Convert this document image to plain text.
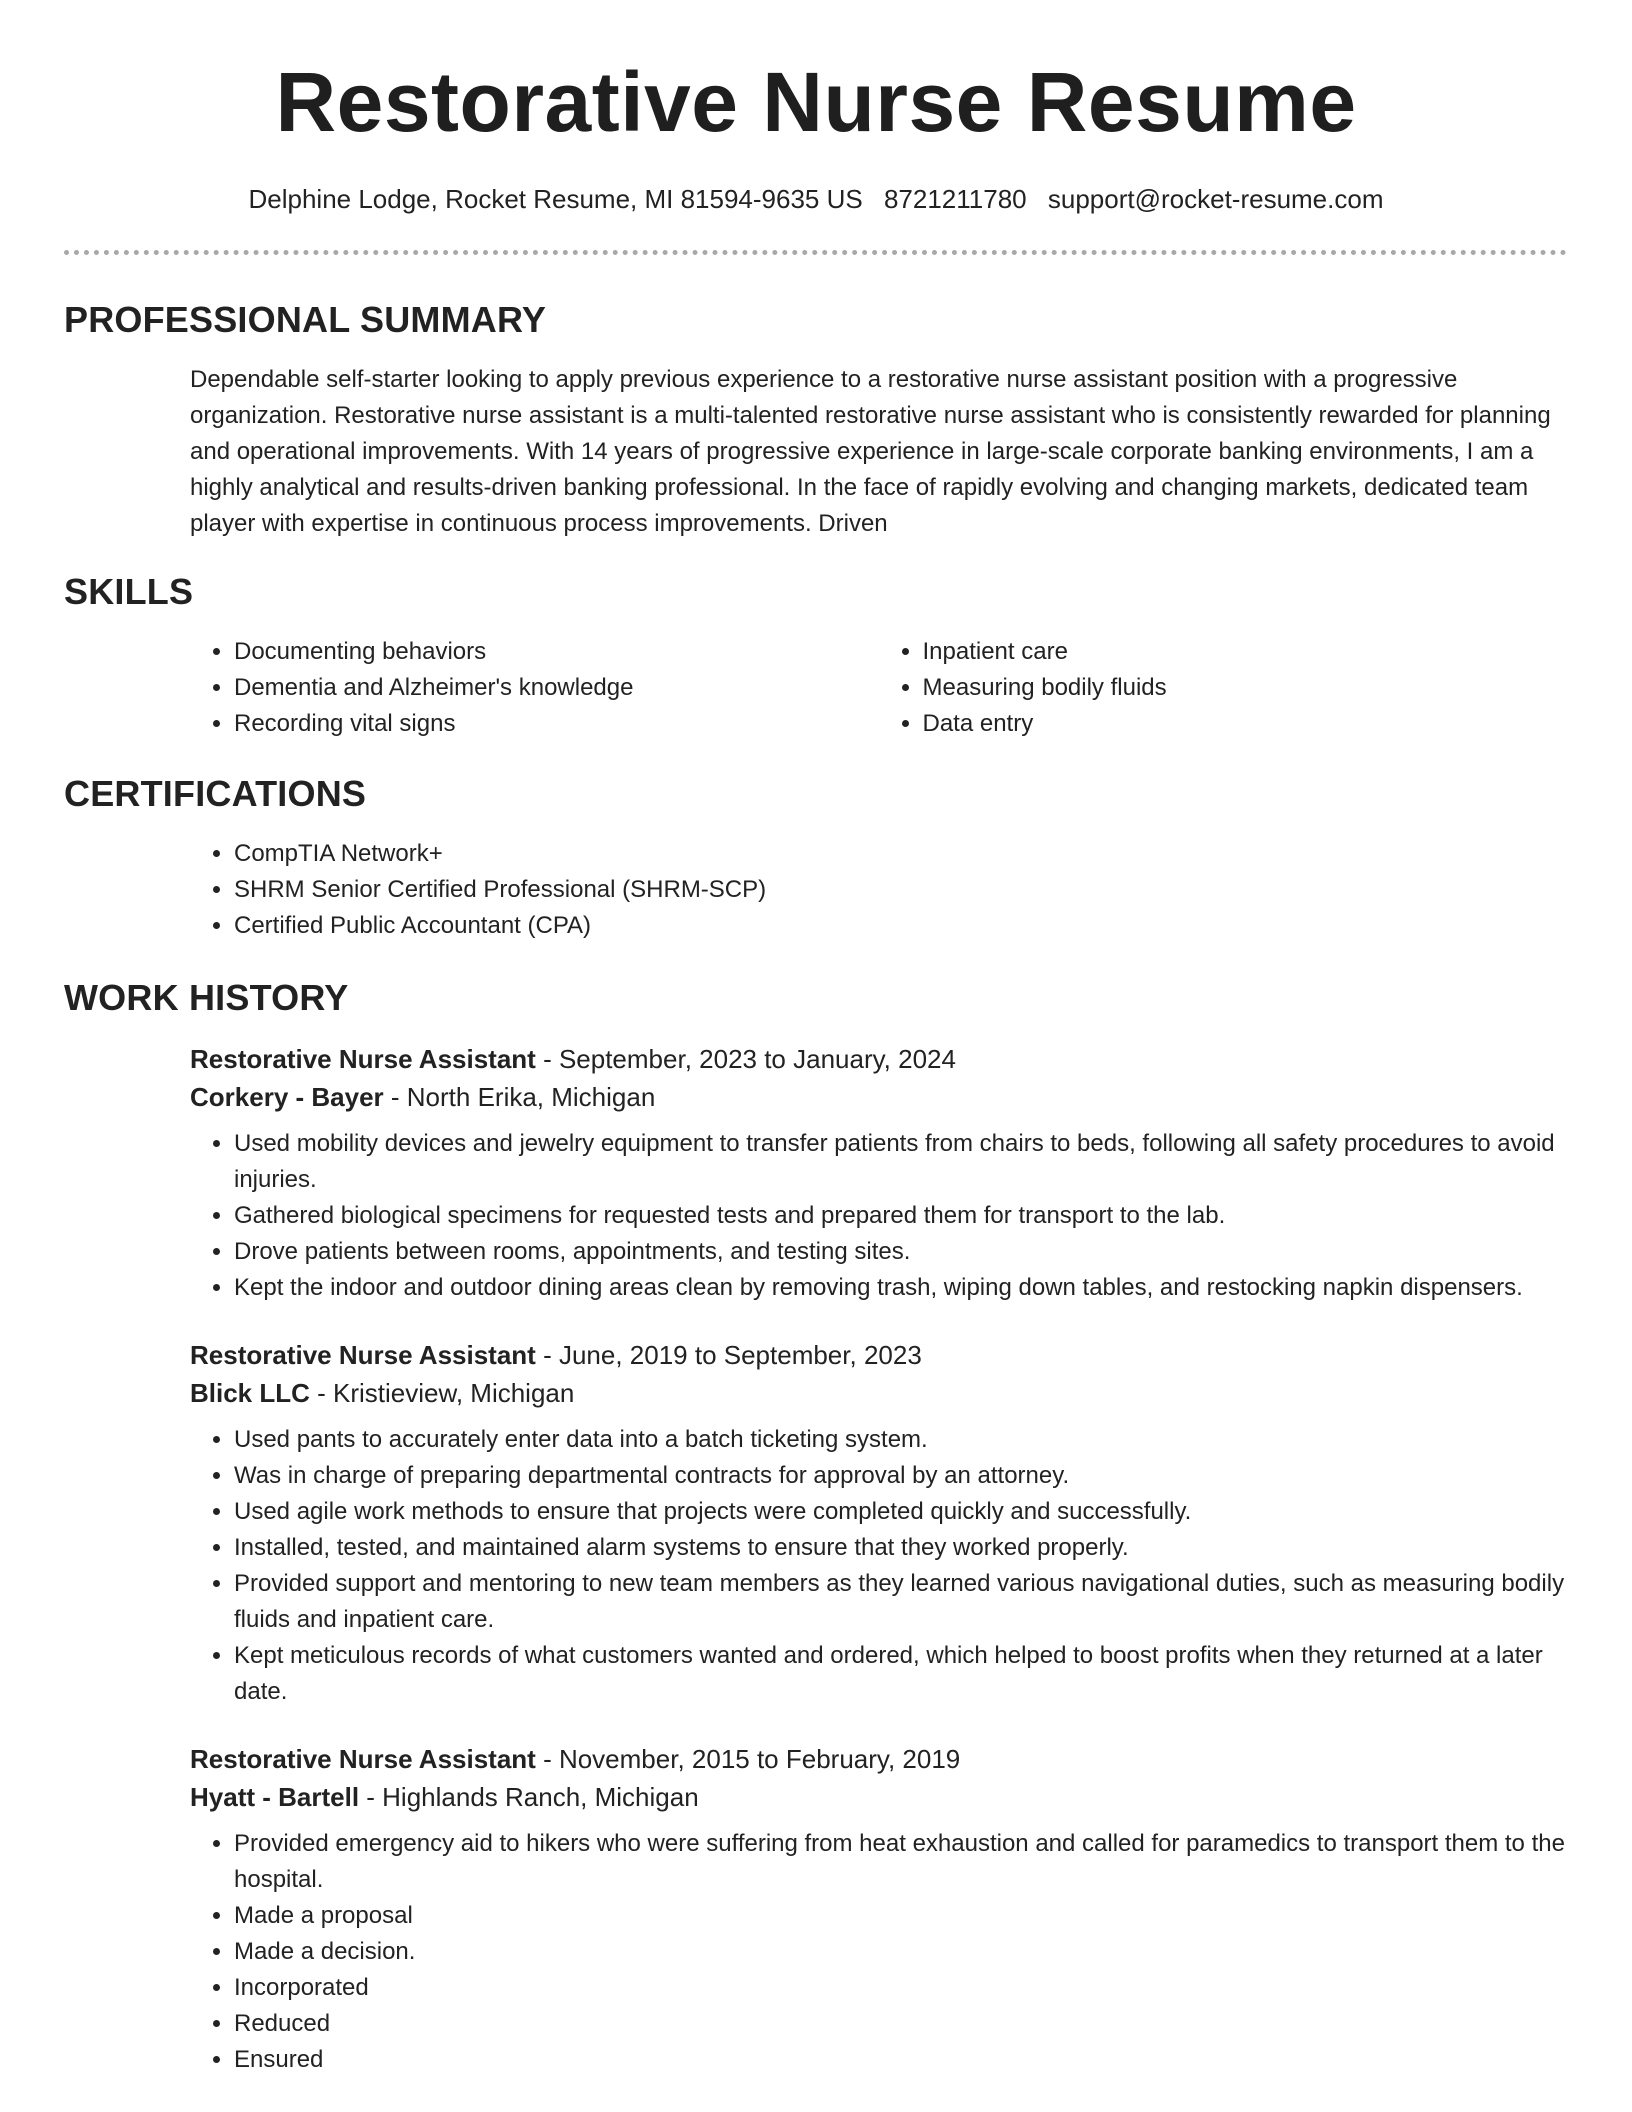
Restorative Nurse Resume
Delphine Lodge, Rocket Resume, MI 81594-9635 US 8721211780 support@rocket-resume.com
PROFESSIONAL SUMMARY

Dependable self-starter looking to apply previous experience to a restorative nurse assistant position with a progressive organization. Restorative nurse assistant is a multi-talented restorative nurse assistant who is consistently rewarded for planning and operational improvements. With 14 years of progressive experience in large-scale corporate banking environments, I am a highly analytical and results-driven banking professional. In the face of rapidly evolving and changing markets, dedicated team player with expertise in continuous process improvements. Driven

SKILLS
• Documenting behaviors
• Dementia and Alzheimer's knowledge
• Recording vital signs
• Inpatient care
• Measuring bodily fluids
• Data entry
CERTIFICATIONS
• CompTIA Network+
• SHRM Senior Certified Professional (SHRM-SCP)
• Certified Public Accountant (CPA)
WORK HISTORY
Restorative Nurse Assistant - September, 2023 to January, 2024
Corkery - Bayer - North Erika, Michigan
• Used mobility devices and jewelry equipment to transfer patients from chairs to beds, following all safety procedures to avoid injuries.
• Gathered biological specimens for requested tests and prepared them for transport to the lab.
• Drove patients between rooms, appointments, and testing sites.
• Kept the indoor and outdoor dining areas clean by removing trash, wiping down tables, and restocking napkin dispensers.
Restorative Nurse Assistant - June, 2019 to September, 2023
Blick LLC - Kristieview, Michigan
• Used pants to accurately enter data into a batch ticketing system.
• Was in charge of preparing departmental contracts for approval by an attorney.
• Used agile work methods to ensure that projects were completed quickly and successfully.
• Installed, tested, and maintained alarm systems to ensure that they worked properly.
• Provided support and mentoring to new team members as they learned various navigational duties, such as measuring bodily fluids and inpatient care.
• Kept meticulous records of what customers wanted and ordered, which helped to boost profits when they returned at a later date.
Restorative Nurse Assistant - November, 2015 to February, 2019
Hyatt - Bartell - Highlands Ranch, Michigan
• Provided emergency aid to hikers who were suffering from heat exhaustion and called for paramedics to transport them to the hospital.
• Made a proposal
• Made a decision.
• Incorporated
• Reduced
• Ensured
